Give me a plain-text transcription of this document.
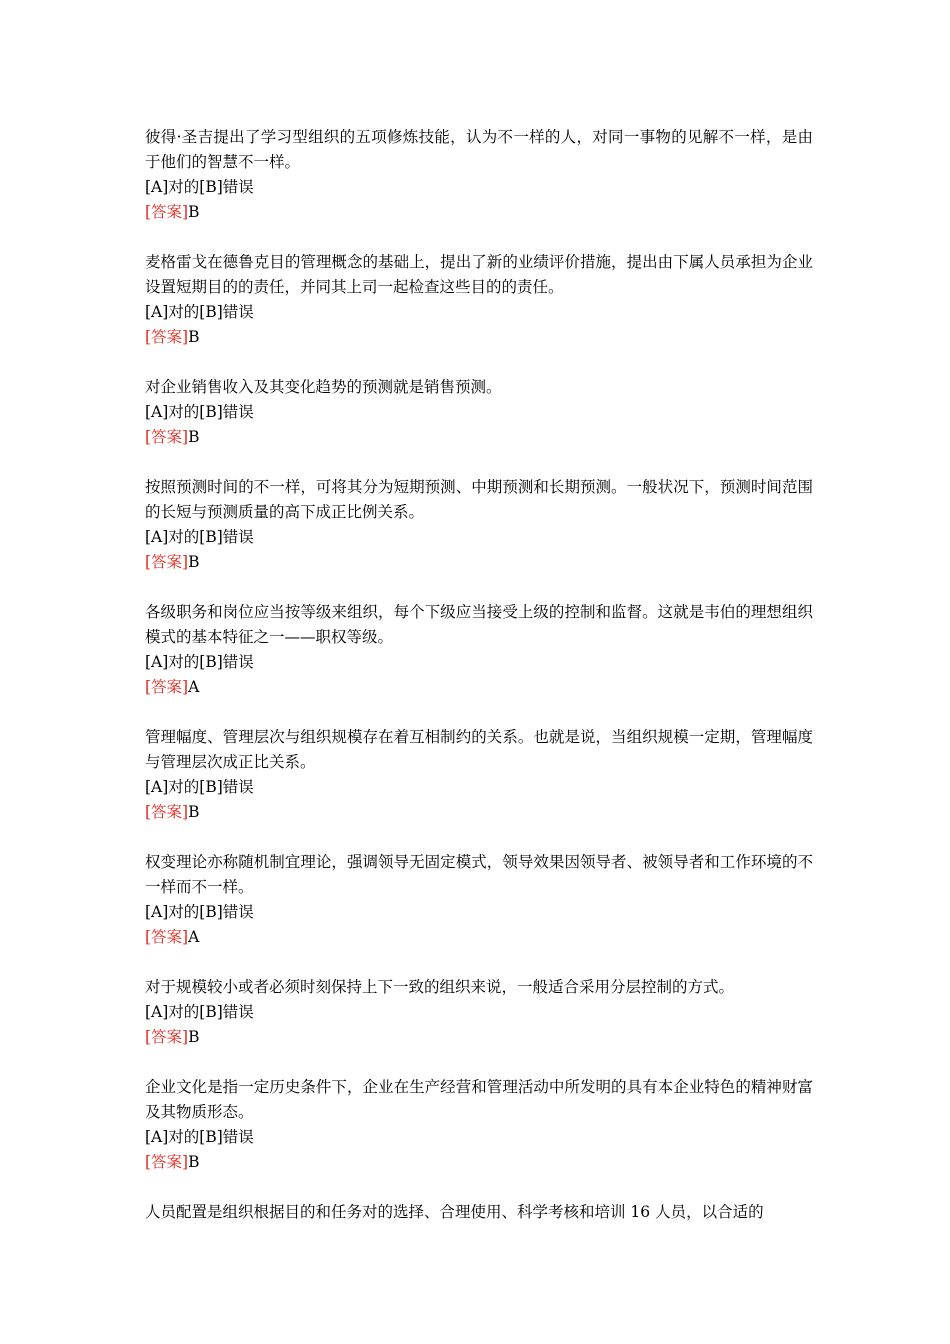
彼得·圣吉提出了学习型组织的五项修炼技能，认为不一样的人，对同一事物的见解不一样，是由于他们的智慧不一样。

[A]对的[B]错误

[答案]B

麦格雷戈在德鲁克目的管理概念的基础上，提出了新的业绩评价措施，提出由下属人员承担为企业设置短期目的的责任，并同其上司一起检查这些目的的责任。

[A]对的[B]错误

[答案]B

对企业销售收入及其变化趋势的预测就是销售预测。

[A]对的[B]错误

[答案]B

按照预测时间的不一样，可将其分为短期预测、中期预测和长期预测。一般状况下，预测时间范围的长短与预测质量的高下成正比例关系。

[A]对的[B]错误

[答案]B

各级职务和岗位应当按等级来组织，每个下级应当接受上级的控制和监督。这就是韦伯的理想组织模式的基本特征之一——职权等级。

[A]对的[B]错误

[答案]A

管理幅度、管理层次与组织规模存在着互相制约的关系。也就是说，当组织规模一定期，管理幅度与管理层次成正比关系。

[A]对的[B]错误

[答案]B

权变理论亦称随机制宜理论，强调领导无固定模式，领导效果因领导者、被领导者和工作环境的不一样而不一样。

[A]对的[B]错误

[答案]A

对于规模较小或者必须时刻保持上下一致的组织来说，一般适合采用分层控制的方式。

[A]对的[B]错误

[答案]B

企业文化是指一定历史条件下，企业在生产经营和管理活动中所发明的具有本企业特色的精神财富及其物质形态。

[A]对的[B]错误

[答案]B

人员配置是组织根据目的和任务对的选择、合理使用、科学考核和培训 16 人员，以合适的
